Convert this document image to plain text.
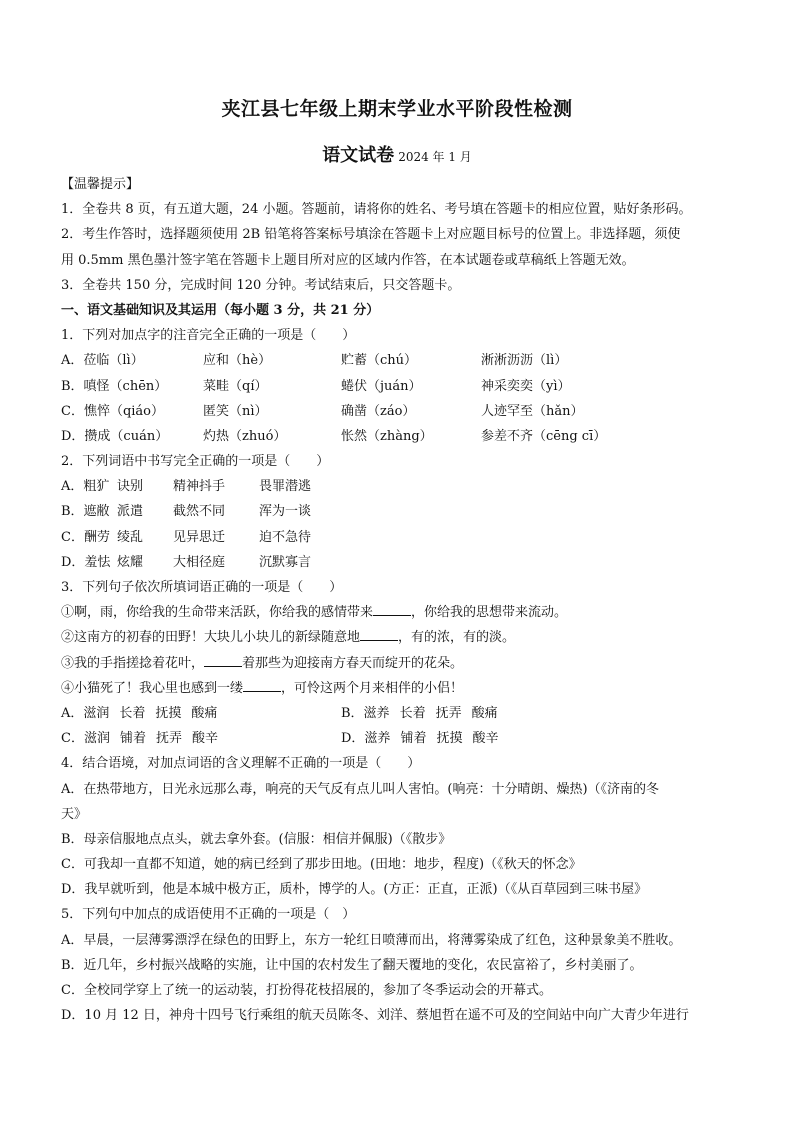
夹江县七年级上期末学业水平阶段性检测
语文试卷 2024 年 1 月
【温馨提示】
1．全卷共 8 页，有五道大题，24 小题。答题前，请将你的姓名、考号填在答题卡的相应位置，贴好条形码。
2．考生作答时，选择题须使用 2B 铅笔将答案标号填涂在答题卡上对应题目标号的位置上。非选择题，须使
用 0.5mm 黑色墨汁签字笔在答题卡上题目所对应的区域内作答，在本试题卷或草稿纸上答题无效。
3．全卷共 150 分，完成时间 120 分钟。考试结束后，只交答题卡。
一、语文基础知识及其运用（每小题 3 分，共 21 分）
1．下列对加点字的注音完全正确的一项是（　　）
A．莅临（lì）	应和（hè）	贮蓄（chú）	淅淅沥沥（lì）
B．嗔怪（chēn）	菜畦（qí）	蜷伏（juán）	神采奕奕（yì）
C．憔悴（qiáo）	匿笑（nì）	确凿（záo）	人迹罕至（hǎn）
D．攒成（cuán）	灼热（zhuó）	怅然（zhàng）	参差不齐（cēng cī）
2．下列词语中书写完全正确的一项是（　　）
A．粗犷 诀别	精神抖手	畏罪潜逃
B．遮敝 派遣	截然不同	浑为一谈
C．酬劳 绫乱	见异思迁	迫不急待
D．羞怯 炫耀	大相径庭	沉默寡言
3．下列句子依次所填词语正确的一项是（　　）
①啊，雨，你给我的生命带来活跃，你给我的感情带来	，你给我的思想带来流动。
②这南方的初春的田野！大块儿小块儿的新绿随意地	，有的浓，有的淡。
③我的手指搓捻着花叶，	着那些为迎接南方春天而绽开的花朵。
④小猫死了！我心里也感到一缕	，可怜这两个月来相伴的小侣！
A．滋润 长着 抚摸 酸痛	B．滋养 长着 抚弄 酸痛
C．滋润 铺着 抚弄 酸辛	D．滋养 铺着 抚摸 酸辛
4．结合语境，对加点词语的含义理解不正确的一项是（　　）
A．在热带地方，日光永远那么毒，响亮的天气反有点儿叫人害怕。(响亮：十分晴朗、燥热)（《济南的冬
天》
B．母亲信服地点点头，就去拿外套。(信服：相信并佩服)（《散步》
C．可我却一直都不知道，她的病已经到了那步田地。(田地：地步，程度)（《秋天的怀念》
D．我早就听到，他是本城中极方正，质朴，博学的人。(方正：正直，正派)（《从百草园到三味书屋》
5．下列句中加点的成语使用不正确的一项是（　）
A．早晨，一层薄雾漂浮在绿色的田野上，东方一轮红日喷薄而出，将薄雾染成了红色，这种景象美不胜收。
B．近几年，乡村振兴战略的实施，让中国的农村发生了翻天覆地的变化，农民富裕了，乡村美丽了。
C．全校同学穿上了统一的运动装，打扮得花枝招展的，参加了冬季运动会的开幕式。
D．10 月 12 日，神舟十四号飞行乘组的航天员陈冬、刘洋、蔡旭哲在遥不可及的空间站中向广大青少年进行
